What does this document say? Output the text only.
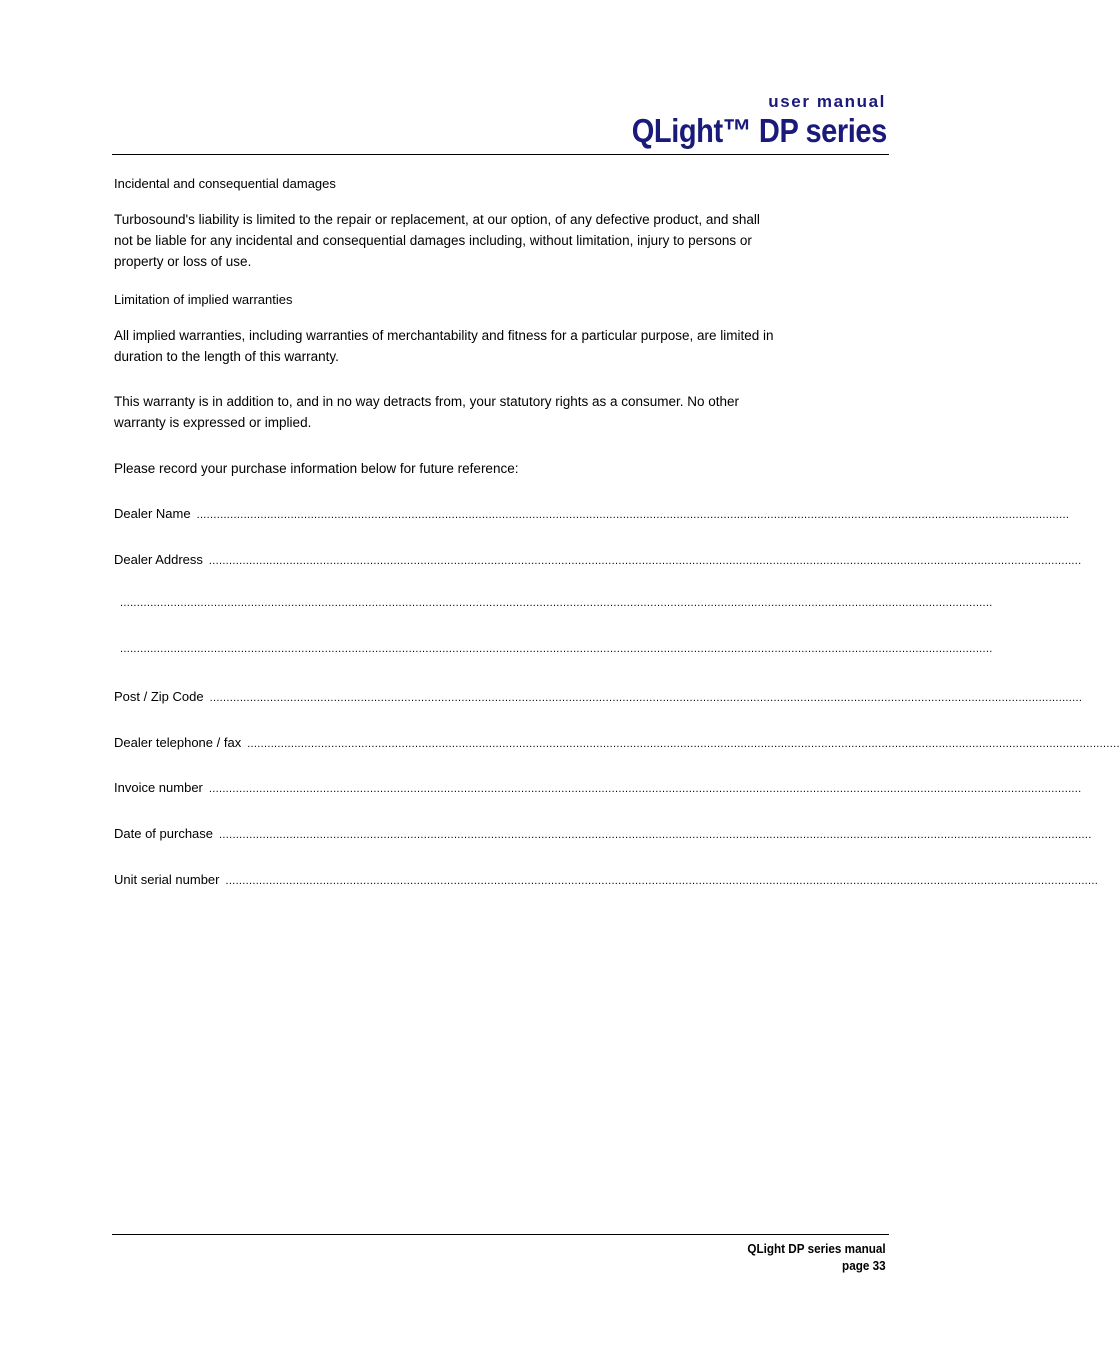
user manual
QLight™ DP series
Incidental and consequential damages
Turbosound's liability is limited to the repair or replacement, at our option, of any defective product, and shall not be liable for any incidental and consequential damages including, without limitation, injury to persons or property or loss of use.
Limitation of implied warranties
All implied warranties, including warranties of merchantability and fitness for a particular purpose, are limited in duration to the length of this warranty.
This warranty is in addition to, and in no way detracts from, your statutory rights as a consumer. No other warranty is expressed or implied.
Please record your purchase information below for future reference:
Dealer Name ....................................................................................................................................................................................................................................................................
Dealer Address ....................................................................................................................................................................................................................................................................
....................................................................................................................................................................................................................................................................
....................................................................................................................................................................................................................................................................
Post / Zip Code ....................................................................................................................................................................................................................................................................
Dealer telephone / fax ....................................................................................................................................................................................................................................................................
Invoice number ....................................................................................................................................................................................................................................................................
Date of purchase ....................................................................................................................................................................................................................................................................
Unit serial number ....................................................................................................................................................................................................................................................................
QLight DP series manual
page 33
